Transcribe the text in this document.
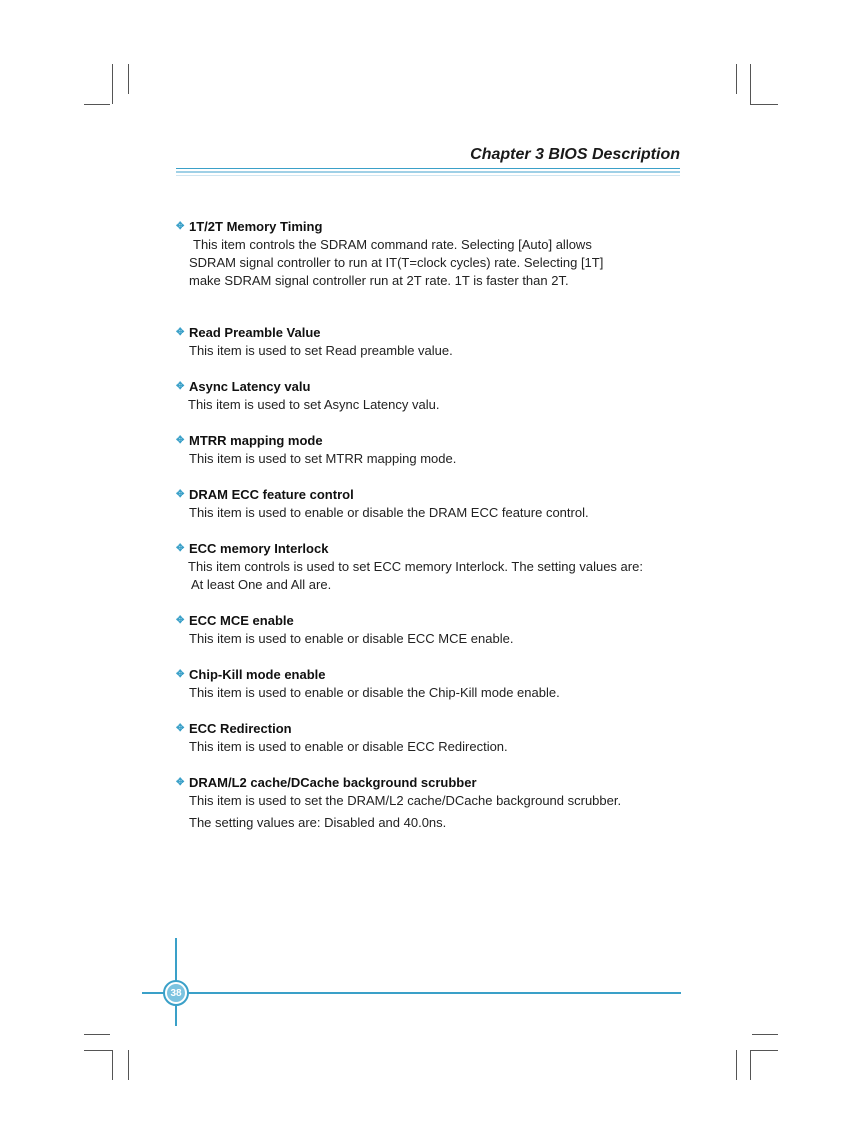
Chapter 3 BIOS Description
✥ 1T/2T Memory Timing
This item controls the SDRAM command rate. Selecting [Auto] allows
SDRAM signal controller to run at IT(T=clock cycles) rate. Selecting [1T]
make SDRAM signal controller run at 2T rate. 1T is faster than 2T.
✥ Read Preamble Value
This item is used to set Read preamble value.
✥ Async Latency valu
This item is used to set Async Latency valu.
✥ MTRR mapping mode
This item is used to set MTRR mapping mode.
✥ DRAM ECC feature control
This item is used to enable or disable the DRAM ECC feature control.
✥ ECC memory Interlock
This item controls is used to set ECC memory Interlock. The setting values are:
At least One and All are.
✥ ECC MCE enable
This item is used to enable or disable ECC MCE enable.
✥ Chip-Kill mode enable
This item is used to enable or disable the Chip-Kill mode enable.
✥ ECC Redirection
This item is used to enable or disable ECC Redirection.
✥ DRAM/L2 cache/DCache background scrubber
This item is used to set the DRAM/L2 cache/DCache background scrubber.
The setting values are: Disabled and 40.0ns.
38
